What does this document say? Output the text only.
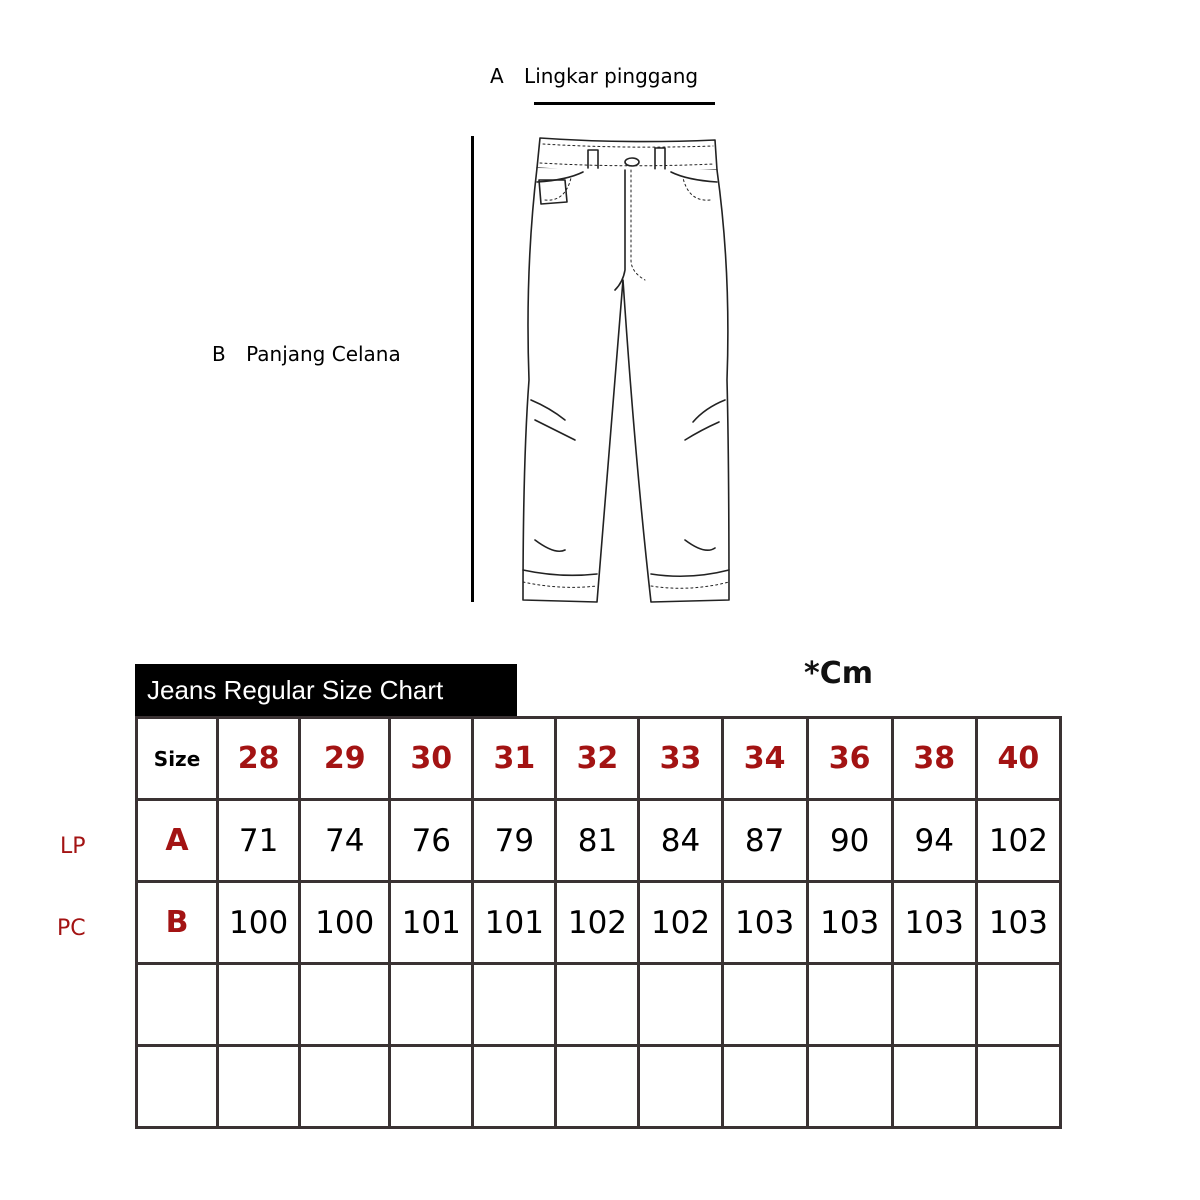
A Lingkar pinggang
B Panjang Celana
Jeans Regular Size Chart	*Cm
LP
PC
Size	28	29	30	31	32	33	34	36	38	40
A	71	74	76	79	81	84	87	90	94	102
B	100	100	101	101	102	102	103	103	103	103
